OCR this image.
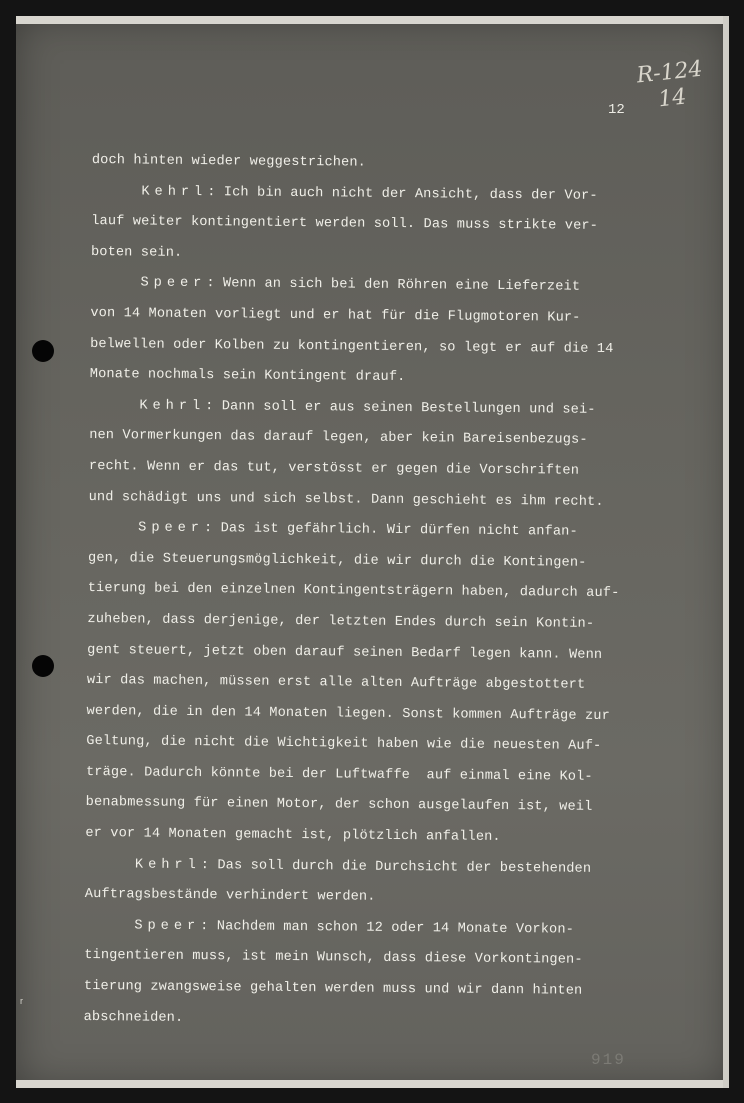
R-124
14
12
doch hinten wieder weggestrichen.
Kehrl: Ich bin auch nicht der Ansicht, dass der Vor-
lauf weiter kontingentiert werden soll. Das muss strikte ver-
boten sein.
Speer: Wenn an sich bei den Röhren eine Lieferzeit
von 14 Monaten vorliegt und er hat für die Flugmotoren Kur-
belwellen oder Kolben zu kontingentieren, so legt er auf die 14
Monate nochmals sein Kontingent drauf.
Kehrl: Dann soll er aus seinen Bestellungen und sei-
nen Vormerkungen das darauf legen, aber kein Bareisenbezugs-
recht. Wenn er das tut, verstösst er gegen die Vorschriften
und schädigt uns und sich selbst. Dann geschieht es ihm recht.
Speer: Das ist gefährlich. Wir dürfen nicht anfan-
gen, die Steuerungsmöglichkeit, die wir durch die Kontingen-
tierung bei den einzelnen Kontingentsträgern haben, dadurch auf-
zuheben, dass derjenige, der letzten Endes durch sein Kontin-
gent steuert, jetzt oben darauf seinen Bedarf legen kann. Wenn
wir das machen, müssen erst alle alten Aufträge abgestottert
werden, die in den 14 Monaten liegen. Sonst kommen Aufträge zur
Geltung, die nicht die Wichtigkeit haben wie die neuesten Auf-
träge. Dadurch könnte bei der Luftwaffe  auf einmal eine Kol-
benabmessung für einen Motor, der schon ausgelaufen ist, weil
er vor 14 Monaten gemacht ist, plötzlich anfallen.
Kehrl: Das soll durch die Durchsicht der bestehenden
Auftragsbestände verhindert werden.
Speer: Nachdem man schon 12 oder 14 Monate Vorkon-
tingentieren muss, ist mein Wunsch, dass diese Vorkontingen-
tierung zwangsweise gehalten werden muss und wir dann hinten
abschneiden.
919
r
